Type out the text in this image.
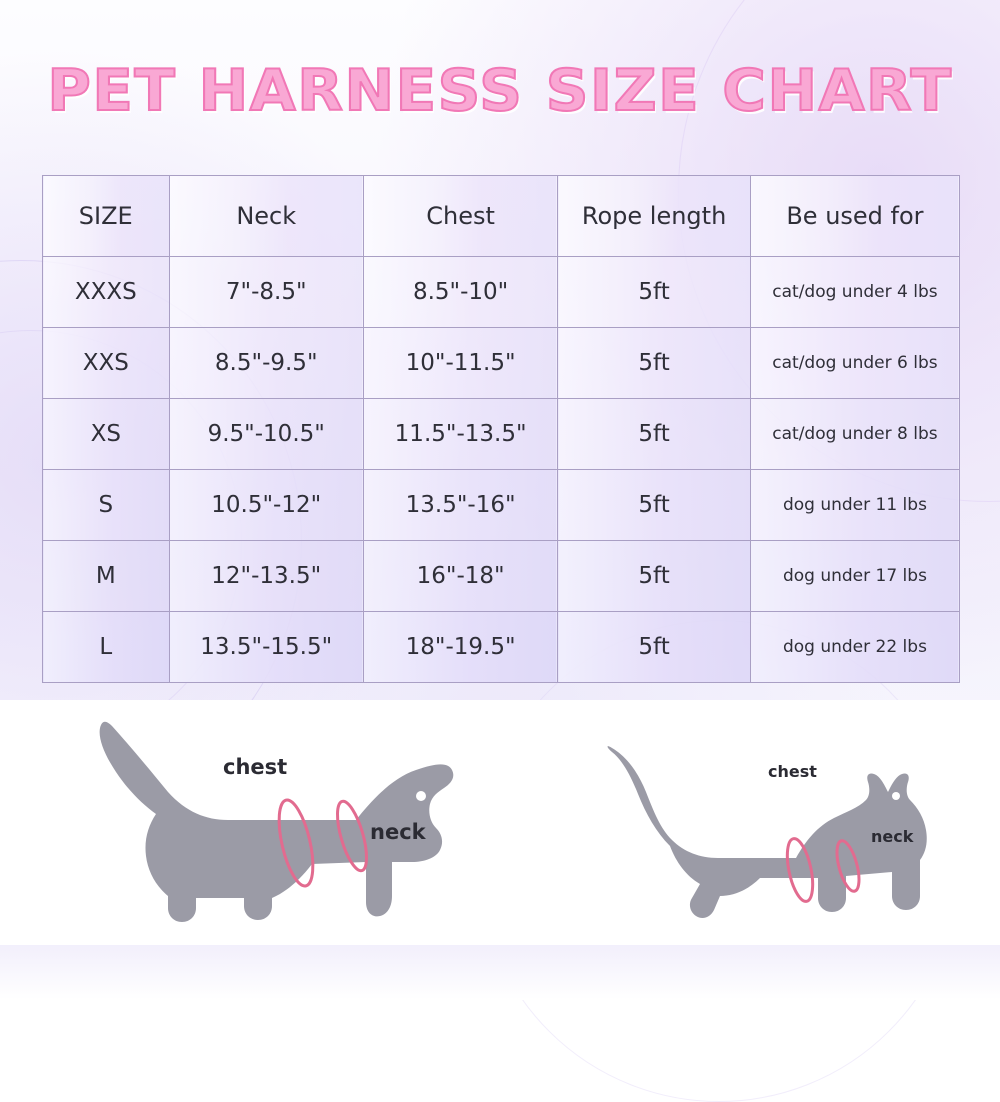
PET HARNESS SIZE CHART
SIZE	Neck	Chest	Rope length	Be used for
XXXS	7"-8.5"	8.5"-10"	5ft	cat/dog under 4 lbs
XXS	8.5"-9.5"	10"-11.5"	5ft	cat/dog under 6 lbs
XS	9.5"-10.5"	11.5"-13.5"	5ft	cat/dog under 8 lbs
S	10.5"-12"	13.5"-16"	5ft	dog under 11 lbs
M	12"-13.5"	16"-18"	5ft	dog under 17 lbs
L	13.5"-15.5"	18"-19.5"	5ft	dog under 22 lbs
chest
neck
chest
neck
